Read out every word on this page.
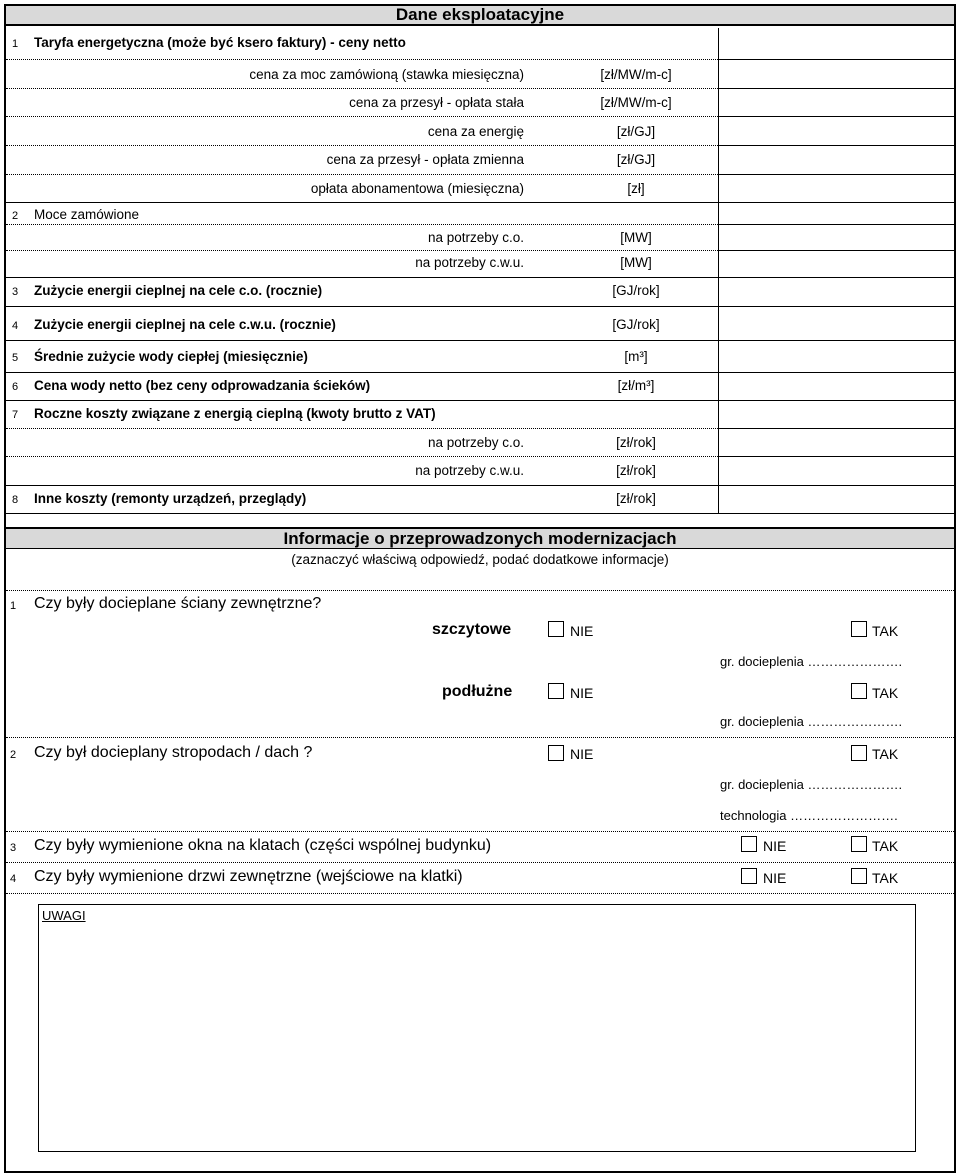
Dane eksploatacyjne
1 Taryfa energetyczna (może być ksero faktury) - ceny netto
cena za moc zamówioną (stawka miesięczna)	[zł/MW/m-c]
cena za przesył - opłata stała	[zł/MW/m-c]
cena za energię	[zł/GJ]
cena za przesył - opłata zmienna	[zł/GJ]
opłata abonamentowa (miesięczna)	[zł]
2 Moce zamówione
na potrzeby c.o.	[MW]
na potrzeby c.w.u.	[MW]
3 Zużycie energii cieplnej na cele c.o. (rocznie)	[GJ/rok]
4 Zużycie energii cieplnej na cele c.w.u. (rocznie)	[GJ/rok]
5 Średnie zużycie wody ciepłej (miesięcznie)	[m³]
6 Cena wody netto (bez ceny odprowadzania ścieków)	[zł/m³]
7 Roczne koszty związane z energią cieplną (kwoty brutto z VAT)
na potrzeby c.o.	[zł/rok]
na potrzeby c.w.u.	[zł/rok]
8 Inne koszty (remonty urządzeń, przeglądy)	[zł/rok]
Informacje o przeprowadzonych modernizacjach
(zaznaczyć właściwą odpowiedź, podać dodatkowe informacje)
1 Czy były docieplane ściany zewnętrzne?
szczytowe	NIE	TAK
gr. docieplenia ………………….
podłużne	NIE	TAK
gr. docieplenia ………………….
2 Czy był docieplany stropodach / dach ?	NIE	TAK
gr. docieplenia ………………….
technologia …………………….
3 Czy były wymienione okna na klatach (części wspólnej budynku)	NIE	TAK
4 Czy były wymienione drzwi zewnętrzne (wejściowe na klatki)	NIE	TAK
UWAGI
